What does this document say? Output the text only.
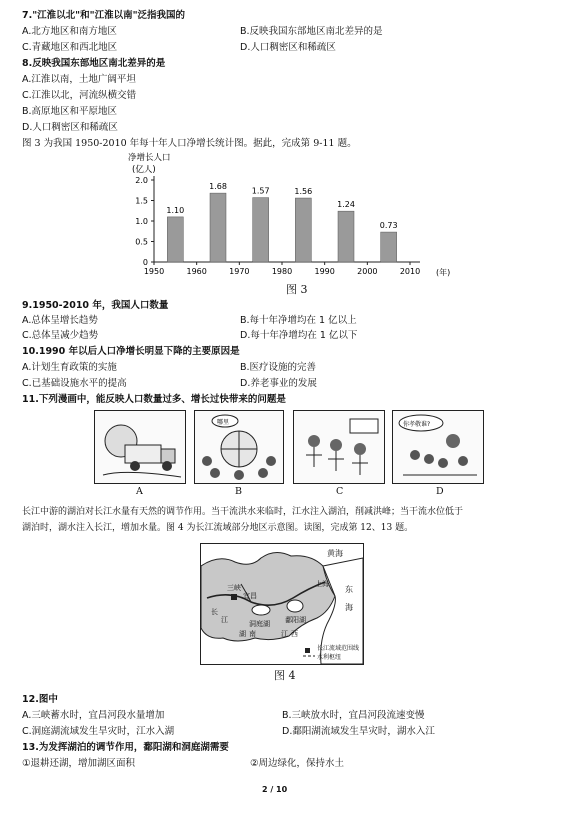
7."江淮以北"和"江淮以南"泛指我国的
A.北方地区和南方地区	B.反映我国东部地区南北差异的是
C.青藏地区和西北地区	D.人口稠密区和稀疏区
8.反映我国东部地区南北差异的是
A.江淮以南，土地广阔平坦
C.江淮以北，河流纵横交错
B.高原地区和平原地区
D.人口稠密区和稀疏区
图 3 为我国 1950-2010 年每十年人口净增长统计图。据此，完成第 9-11 题。
净增长人口
(亿人)
0
0.5
1.0
1.5
2.0
1950	1960	1970	1980	1990	2000	2010
1.10
1.68
1.57	1.56
1.24
0.73
(年)
图 3
9.1950-2010 年，我国人口数量
A.总体呈增长趋势	B.每十年净增均在 1 亿以上
C.总体呈减少趋势	D.每十年净增均在 1 亿以下
10.1990 年以后人口净增长明显下降的主要原因是
A.计划生育政策的实施	B.医疗设施的完善
C.已基础设施水平的提高	D.养老事业的发展
11.下列漫画中，能反映人口数量过多、增长过快带来的问题是
哪里	你孝敬谁?
A	B	C	D
长江中游的湖泊对长江水量有天然的调节作用。当干流洪水来临时，江水注入湖泊，削减洪峰；当干流水位低于
湖泊时，湖水注入长江，增加水量。图 4 为长江流域部分地区示意图。读图，完成第 12、13 题。
黄海
东
海
上海
三峡
宜昌
洞庭湖 鄱阳湖
长
江
湖 南	江 西
长江流域范围线
水利枢纽
图 4
12.图中
A.三峡蓄水时，宜昌河段水量增加	B.三峡放水时，宜昌河段流速变慢
C.洞庭湖流域发生旱灾时，江水入湖	D.鄱阳湖流域发生旱灾时，湖水入江
13.为发挥湖泊的调节作用，鄱阳湖和洞庭湖需要
①退耕还湖，增加湖区面积	②周边绿化，保持水土
2 / 10
